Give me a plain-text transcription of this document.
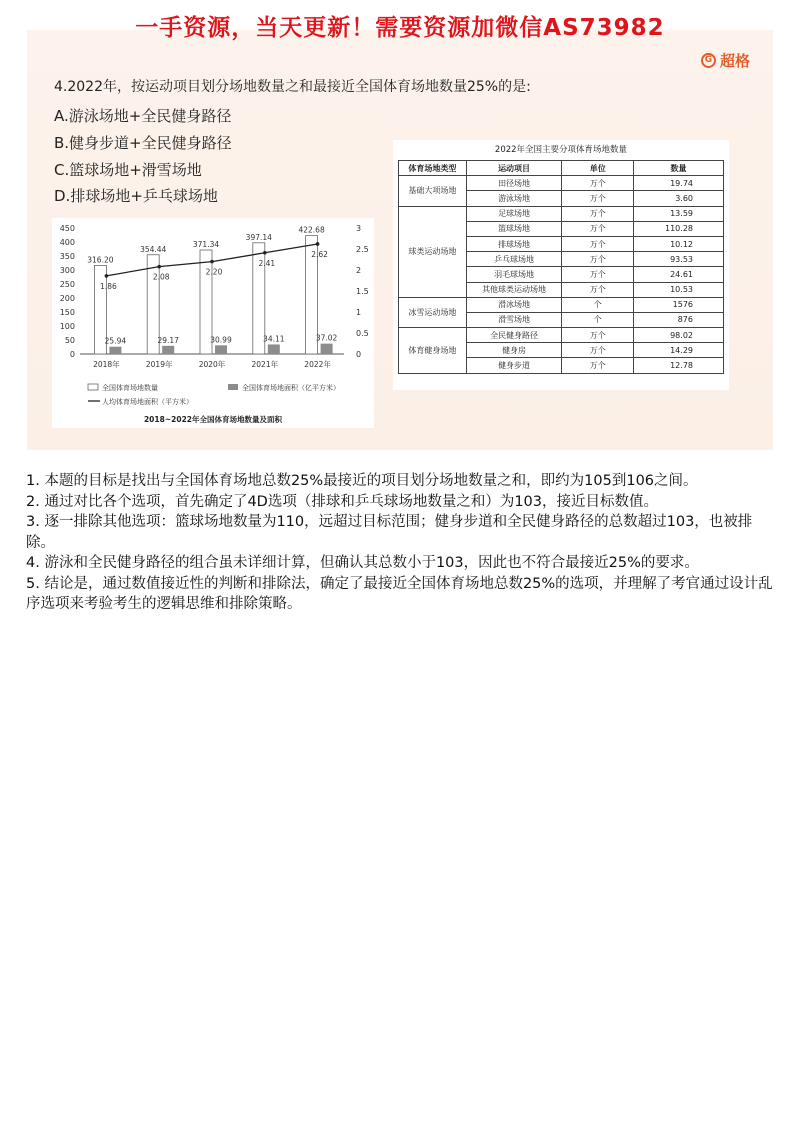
一手资源，当天更新！需要资源加微信AS73982
G 超格
4.2022年，按运动项目划分场地数量之和最接近全国体育场地数量25%的是:
A.游泳场地+全民健身路径
B.健身步道+全民健身路径
C.篮球场地+滑雪场地
D.排球场地+乒乓球场地
450
400
350
300
250
200
150
100
50
0
3
2.5
2
1.5
1
0.5
0
316.20
25.94
2018年
354.44
29.17
2019年
371.34
30.99
2020年
397.14
34.11
2021年
422.68
37.02
2022年
1.86
2.08
2.20
2.41
2.62
全国体育场地数量	全国体育场地面积（亿平方米）
人均体育场地面积（平方米）
2018~2022年全国体育场地数量及面积
2022年全国主要分项体育场地数量
体育场地类型	运动项目	单位	数量
基础大项场地	田径场地	万个	19.74
	游泳场地	万个	3.60
球类运动场地	足球场地	万个	13.59
	篮球场地	万个	110.28
	排球场地	万个	10.12
	乒乓球场地	万个	93.53
	羽毛球场地	万个	24.61
	其他球类运动场地	万个	10.53
冰雪运动场地	滑冰场地	个	1576
	滑雪场地	个	876
体育健身场地	全民健身路径	万个	98.02
	健身房	万个	14.29
	健身步道	万个	12.78

1. 本题的目标是找出与全国体育场地总数25%最接近的项目划分场地数量之和，即约为105到106之间。

2. 通过对比各个选项，首先确定了4D选项（排球和乒乓球场地数量之和）为103，接近目标数值。

3. 逐一排除其他选项：篮球场地数量为110，远超过目标范围；健身步道和全民健身路径的总数超过103，也被排除。

4. 游泳和全民健身路径的组合虽未详细计算，但确认其总数小于103，因此也不符合最接近25%的要求。

5. 结论是，通过数值接近性的判断和排除法，确定了最接近全国体育场地总数25%的选项，并理解了考官通过设计乱序选项来考验考生的逻辑思维和排除策略。
